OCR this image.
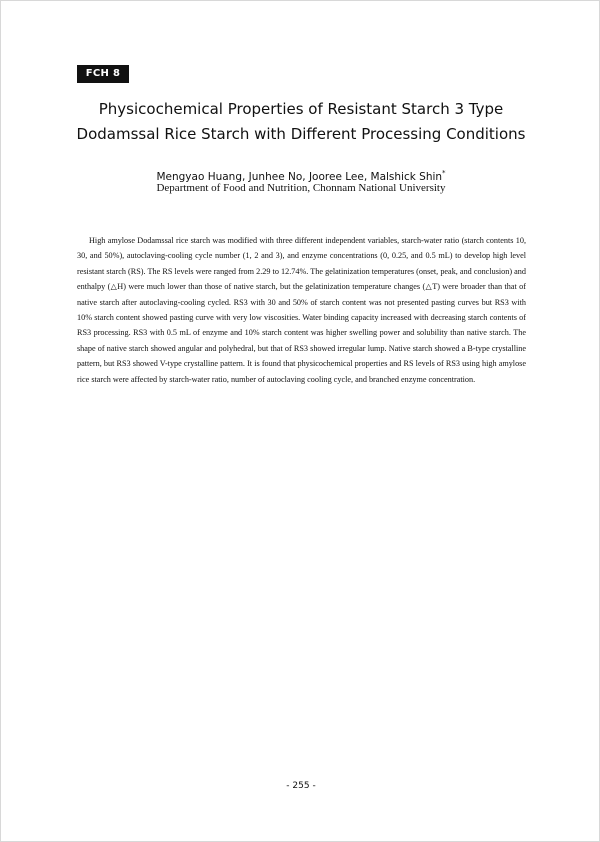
FCH 8
Physicochemical Properties of Resistant Starch 3 Type
Dodamssal Rice Starch with Different Processing Conditions
Mengyao Huang, Junhee No, Jooree Lee, Malshick Shin*
Department of Food and Nutrition, Chonnam National University

High amylose Dodamssal rice starch was modified with three different independent variables, starch-water ratio (starch contents 10, 30, and 50%), autoclaving-cooling cycle number (1, 2 and 3), and enzyme concentrations (0, 0.25, and 0.5 mL) to develop high level resistant starch (RS). The RS levels were ranged from 2.29 to 12.74%. The gelatinization temperatures (onset, peak, and conclusion) and enthalpy (△H) were much lower than those of native starch, but the gelatinization temperature changes (△T) were broader than that of native starch after autoclaving-cooling cycled. RS3 with 30 and 50% of starch content was not presented pasting curves but RS3 with 10% starch content showed pasting curve with very low viscosities. Water binding capacity increased with decreasing starch contents of RS3 processing. RS3 with 0.5 mL of enzyme and 10% starch content was higher swelling power and solubility than native starch. The shape of native starch showed angular and polyhedral, but that of RS3 showed irregular lump. Native starch showed a B-type crystalline pattern, but RS3 showed V-type crystalline pattern. It is found that physicochemical properties and RS levels of RS3 using high amylose rice starch were affected by starch-water ratio, number of autoclaving cooling cycle, and branched enzyme concentration.

- 255 -
